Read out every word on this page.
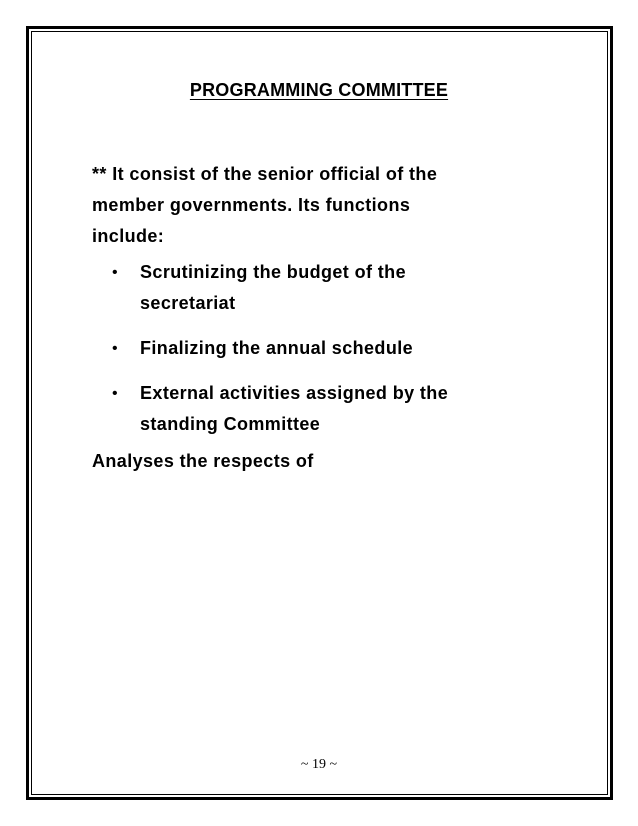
PROGRAMMING COMMITTEE
** It consist of the senior official of the
member governments. Its functions
include:
• Scrutinizing the budget of the
secretariat
• Finalizing the annual schedule
• External activities assigned by the
standing Committee
Analyses the respects of
~ 19 ~
